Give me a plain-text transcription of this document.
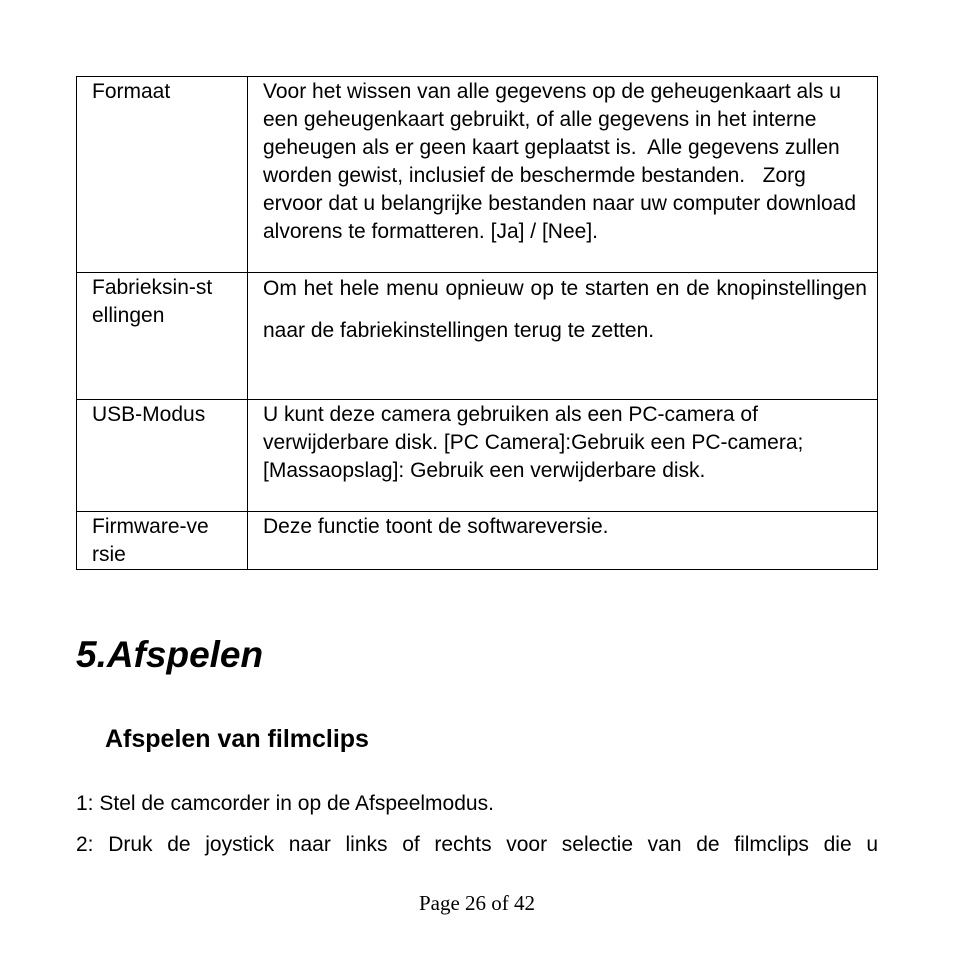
Formaat	Voor het wissen van alle gegevens op de geheugenkaart als u een geheugenkaart gebruikt, of alle gegevens in het interne geheugen als er geen kaart geplaatst is.  Alle gegevens zullen worden gewist, inclusief de beschermde bestanden.   Zorg ervoor dat u belangrijke bestanden naar uw computer download alvorens te formatteren. [Ja] / [Nee].

Fabrieksin-st ellingen	Om het hele menu opnieuw op te starten en de knopinstellingen naar de fabriekinstellingen terug te zetten.

USB-Modus	U kunt deze camera gebruiken als een PC-camera of verwijderbare disk. [PC Camera]:Gebruik een PC-camera; [Massaopslag]: Gebruik een verwijderbare disk.

Firmware-ve rsie	Deze functie toont de softwareversie.
5.Afspelen
Afspelen van filmclips

1: Stel de camcorder in op de Afspeelmodus.

2: Druk de joystick naar links of rechts voor selectie van de filmclips die u

Page 26 of 42
